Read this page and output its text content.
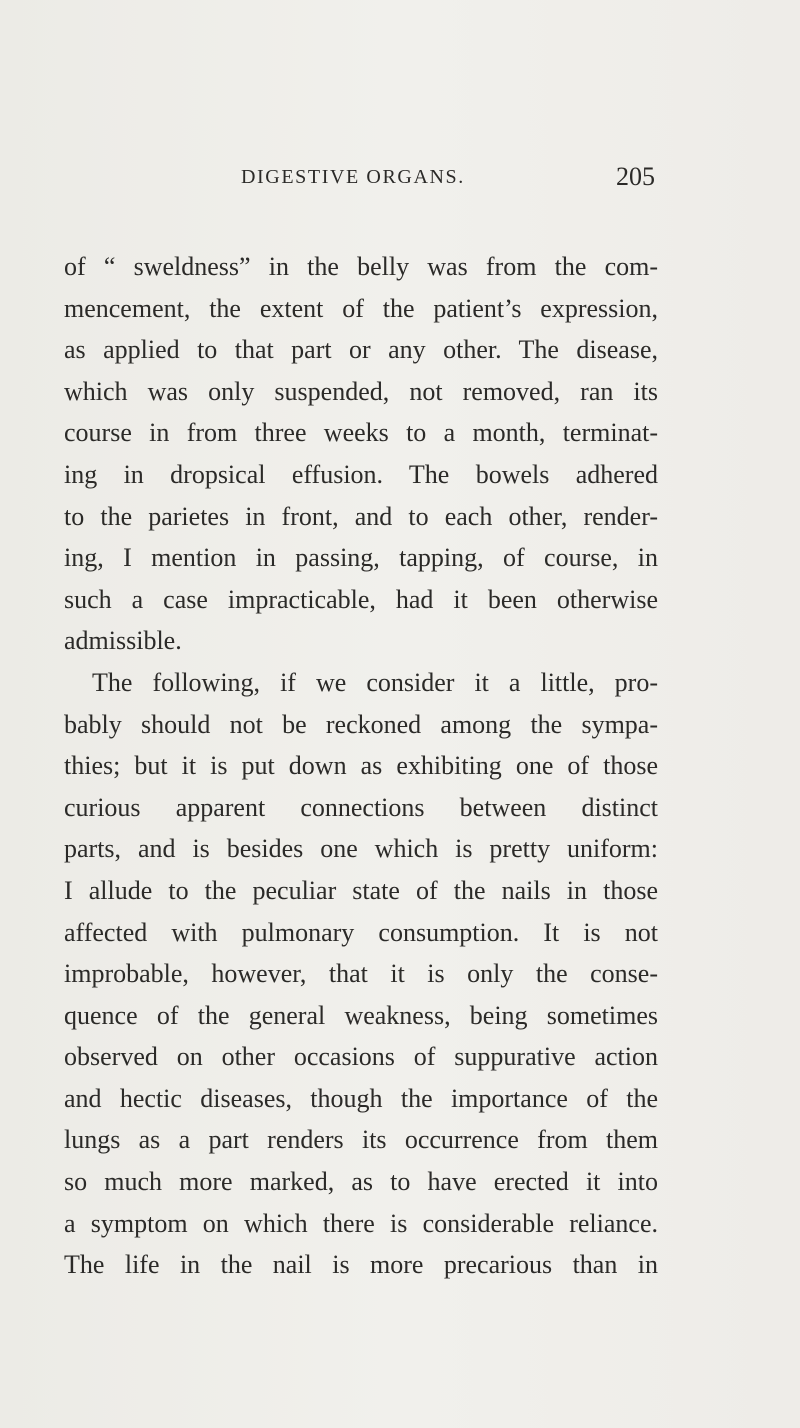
DIGESTIVE ORGANS.	205
of “ sweldness” in the belly was from the com-
mencement, the extent of the patient’s expression,
as applied to that part or any other. The disease,
which was only suspended, not removed, ran its
course in from three weeks to a month, terminat-
ing in dropsical effusion. The bowels adhered
to the parietes in front, and to each other, render-
ing, I mention in passing, tapping, of course, in
such a case impracticable, had it been otherwise
admissible.
The following, if we consider it a little, pro-
bably should not be reckoned among the sympa-
thies; but it is put down as exhibiting one of those
curious apparent connections between distinct
parts, and is besides one which is pretty uniform:
I allude to the peculiar state of the nails in those
affected with pulmonary consumption. It is not
improbable, however, that it is only the conse-
quence of the general weakness, being sometimes
observed on other occasions of suppurative action
and hectic diseases, though the importance of the
lungs as a part renders its occurrence from them
so much more marked, as to have erected it into
a symptom on which there is considerable reliance.
The life in the nail is more precarious than in
